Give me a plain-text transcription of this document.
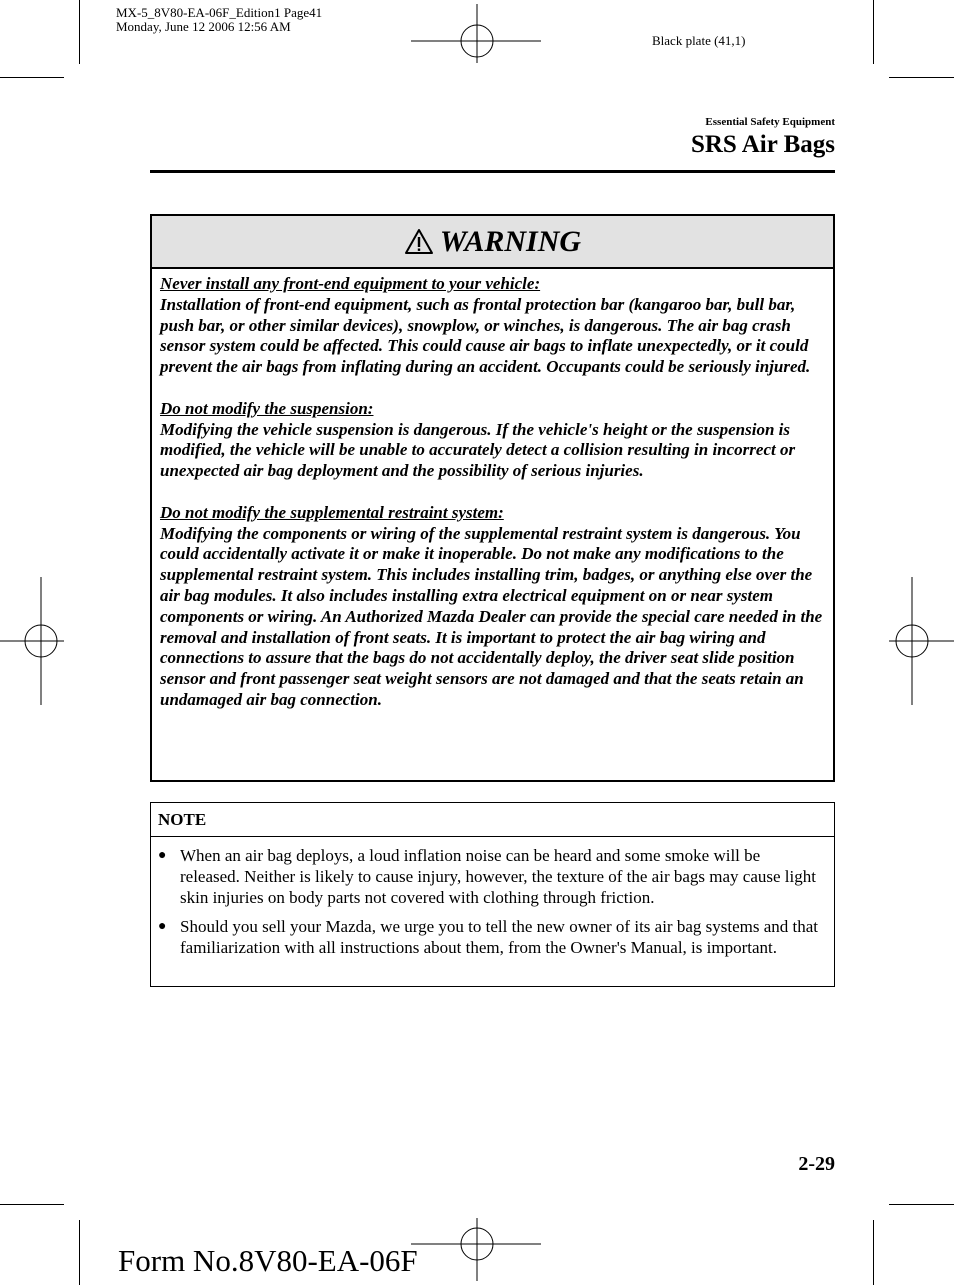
MX-5_8V80-EA-06F_Edition1 Page41
Monday, June 12 2006 12:56 AM
Black plate (41,1)
Essential Safety Equipment
SRS Air Bags
WARNING

Never install any front-end equipment to your vehicle:
Installation of front-end equipment, such as frontal protection bar (kangaroo bar, bull bar, push bar, or other similar devices), snowplow, or winches, is dangerous. The air bag crash sensor system could be affected. This could cause air bags to inflate unexpectedly, or it could prevent the air bags from inflating during an accident. Occupants could be seriously injured.

Do not modify the suspension:
Modifying the vehicle suspension is dangerous. If the vehicle's height or the suspension is modified, the vehicle will be unable to accurately detect a collision resulting in incorrect or unexpected air bag deployment and the possibility of serious injuries.

Do not modify the supplemental restraint system:
Modifying the components or wiring of the supplemental restraint system is dangerous. You could accidentally activate it or make it inoperable. Do not make any modifications to the supplemental restraint system. This includes installing trim, badges, or anything else over the air bag modules. It also includes installing extra electrical equipment on or near system components or wiring. An Authorized Mazda Dealer can provide the special care needed in the removal and installation of front seats. It is important to protect the air bag wiring and connections to assure that the bags do not accidentally deploy, the driver seat slide position sensor and front passenger seat weight sensors are not damaged and that the seats retain an undamaged air bag connection.

NOTE
● When an air bag deploys, a loud inflation noise can be heard and some smoke will be released. Neither is likely to cause injury, however, the texture of the air bags may cause light skin injuries on body parts not covered with clothing through friction.
● Should you sell your Mazda, we urge you to tell the new owner of its air bag systems and that familiarization with all instructions about them, from the Owner's Manual, is important.
2-29
Form No.8V80-EA-06F
